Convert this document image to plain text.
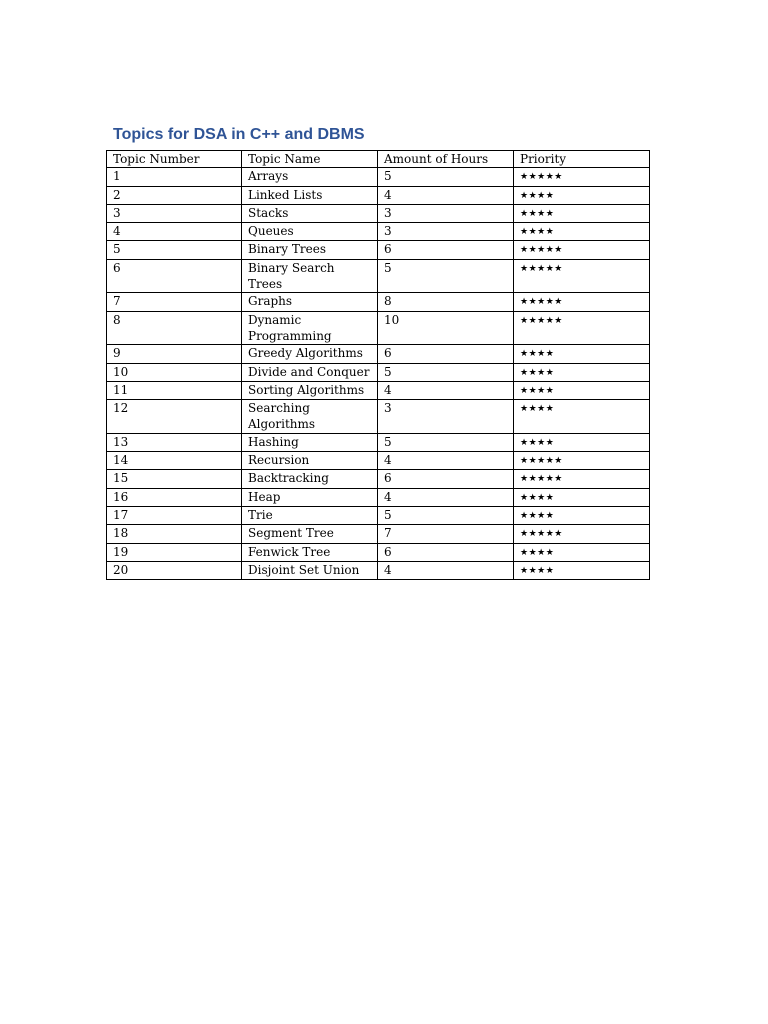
Topics for DSA in C++ and DBMS
Topic Number	Topic Name	Amount of Hours	Priority
1	Arrays	5	★★★★★
2	Linked Lists	4	★★★★
3	Stacks	3	★★★★
4	Queues	3	★★★★
5	Binary Trees	6	★★★★★
6	Binary Search Trees	5	★★★★★
7	Graphs	8	★★★★★
8	Dynamic Programming	10	★★★★★
9	Greedy Algorithms	6	★★★★
10	Divide and Conquer	5	★★★★
11	Sorting Algorithms	4	★★★★
12	Searching Algorithms	3	★★★★
13	Hashing	5	★★★★
14	Recursion	4	★★★★★
15	Backtracking	6	★★★★★
16	Heap	4	★★★★
17	Trie	5	★★★★
18	Segment Tree	7	★★★★★
19	Fenwick Tree	6	★★★★
20	Disjoint Set Union	4	★★★★
